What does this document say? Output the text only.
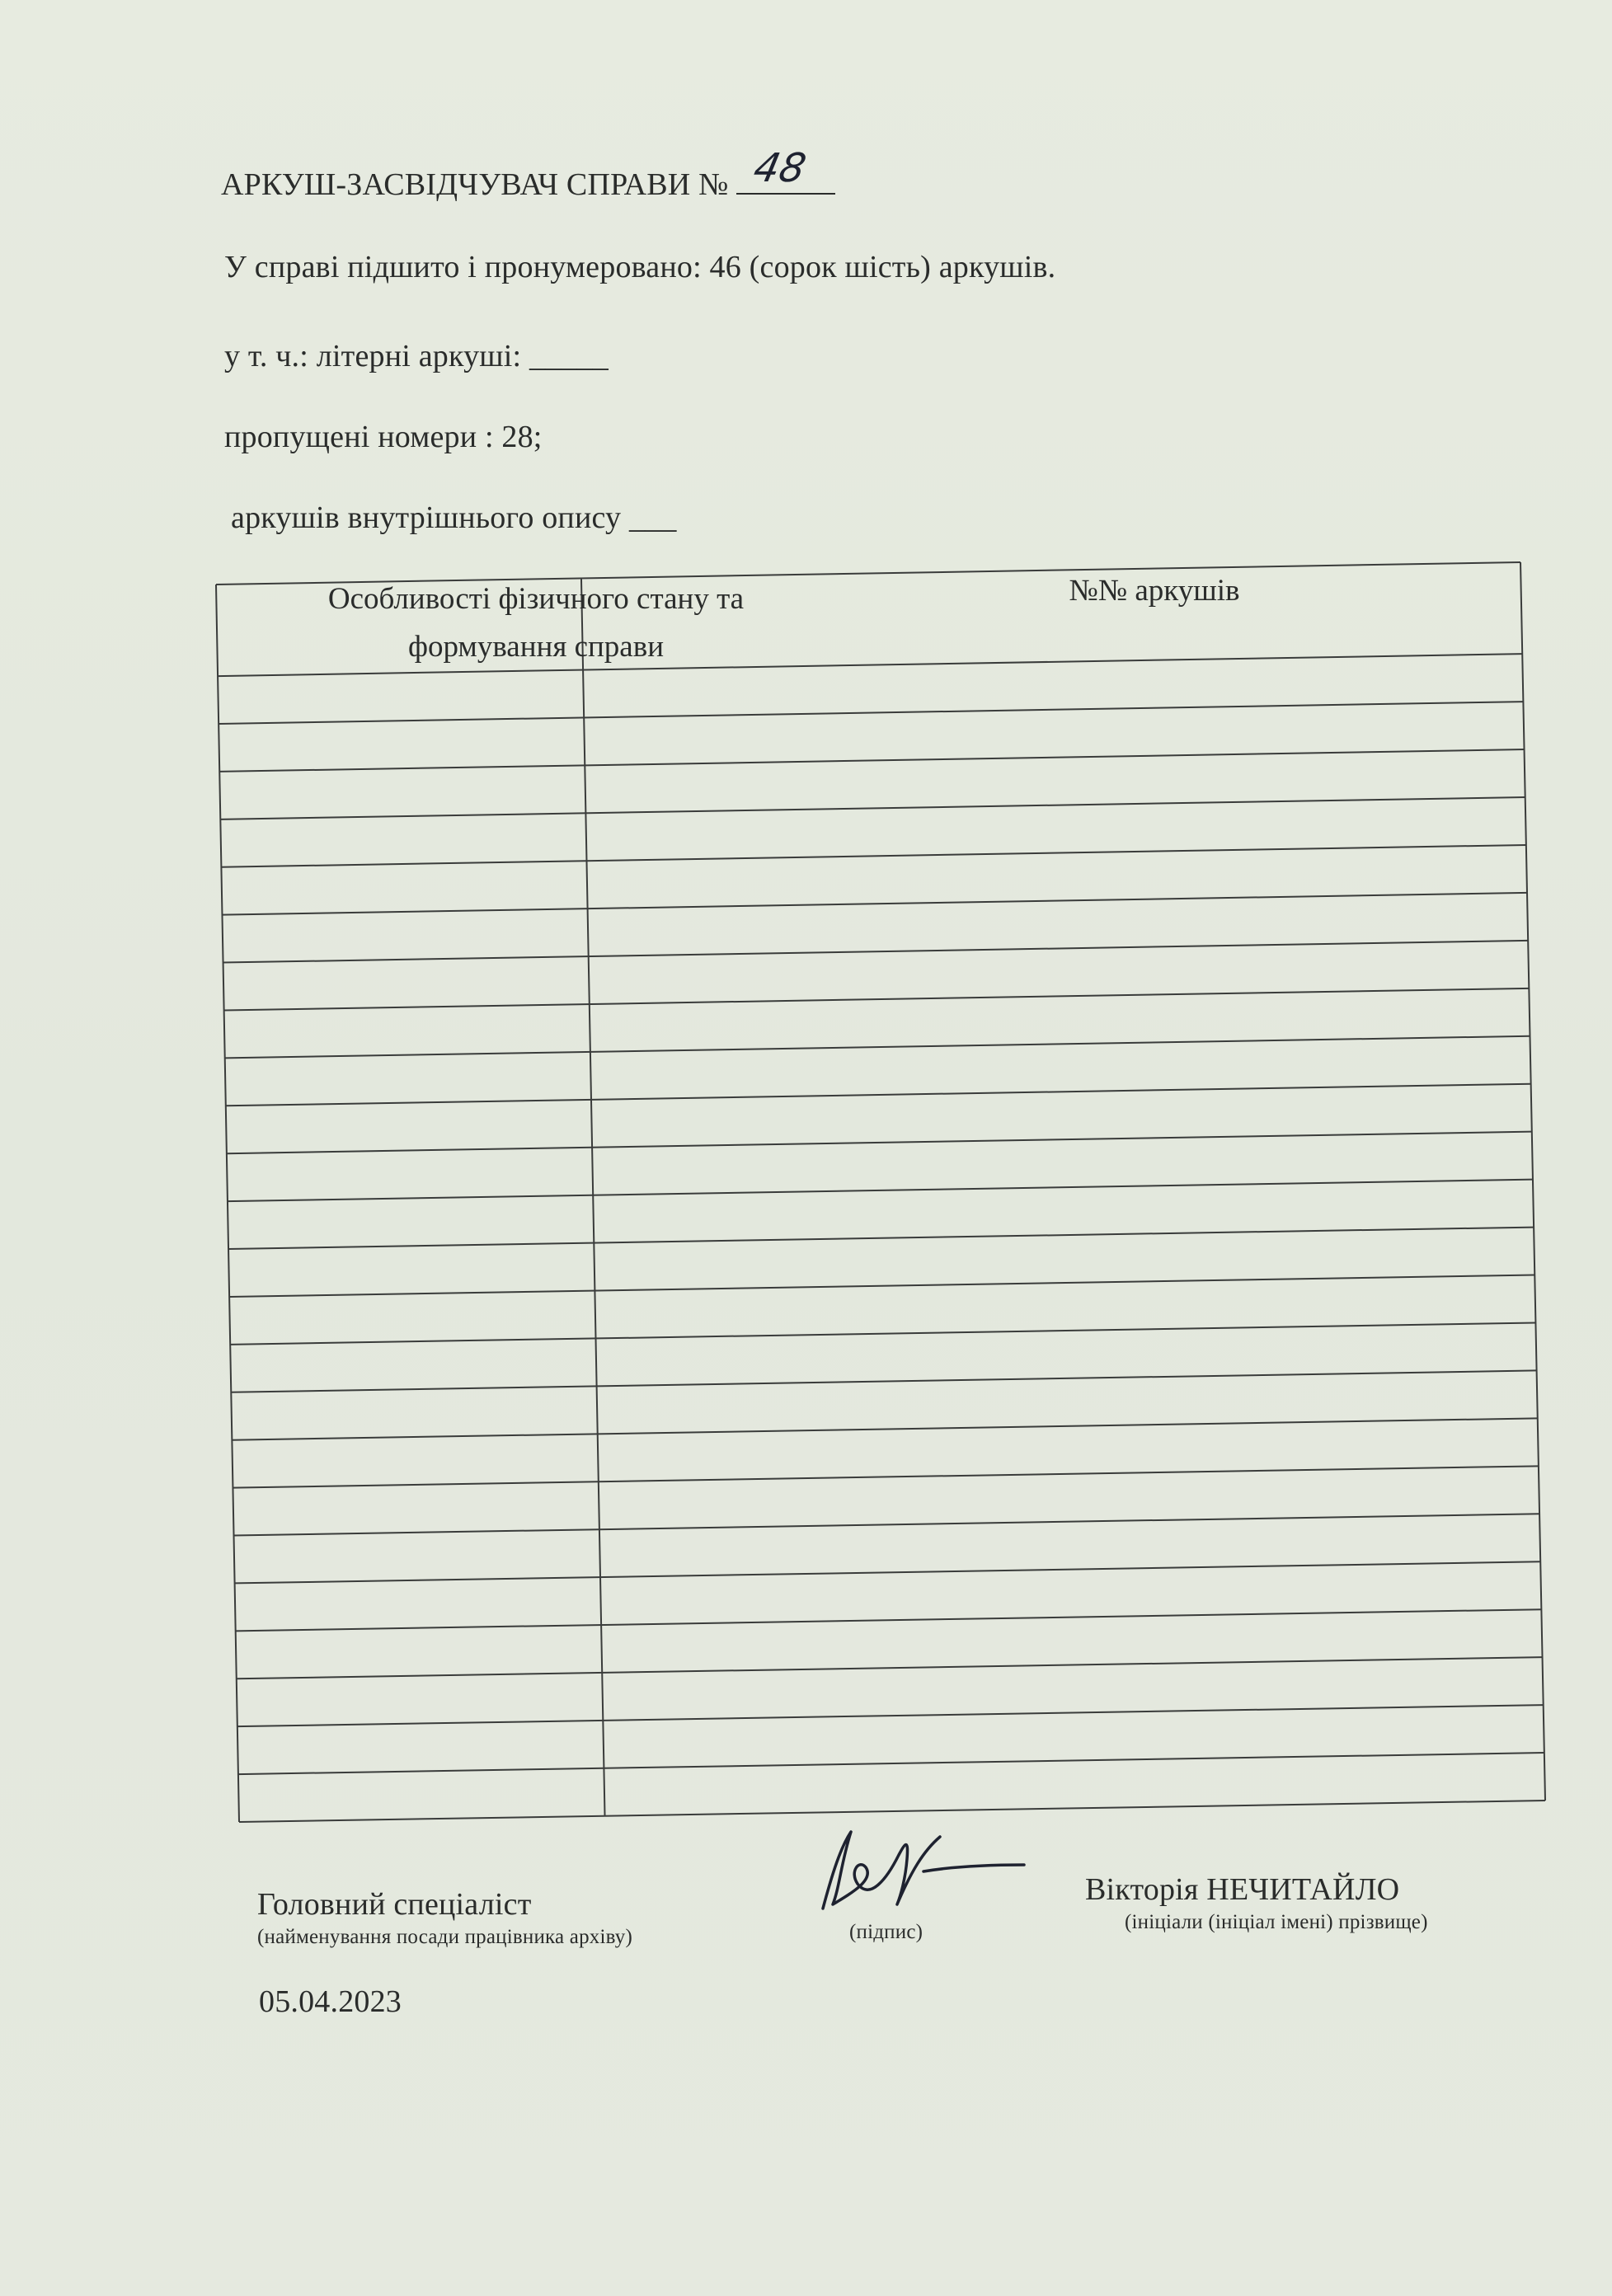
АРКУШ-ЗАСВІДЧУВАЧ СПРАВИ № 48
У справі підшито і пронумеровано: 46 (сорок шість) аркушів.
у т. ч.: літерні аркуші: _____
пропущені номери : 28;
аркушів внутрішнього опису ___
Особливості фізичного стану та
формування справи
№№ аркушів
Головний спеціаліст
(найменування посади працівника архіву)	(підпис)
Вікторія НЕЧИТАЙЛО
(ініціали (ініціал імені) прізвище)
05.04.2023
